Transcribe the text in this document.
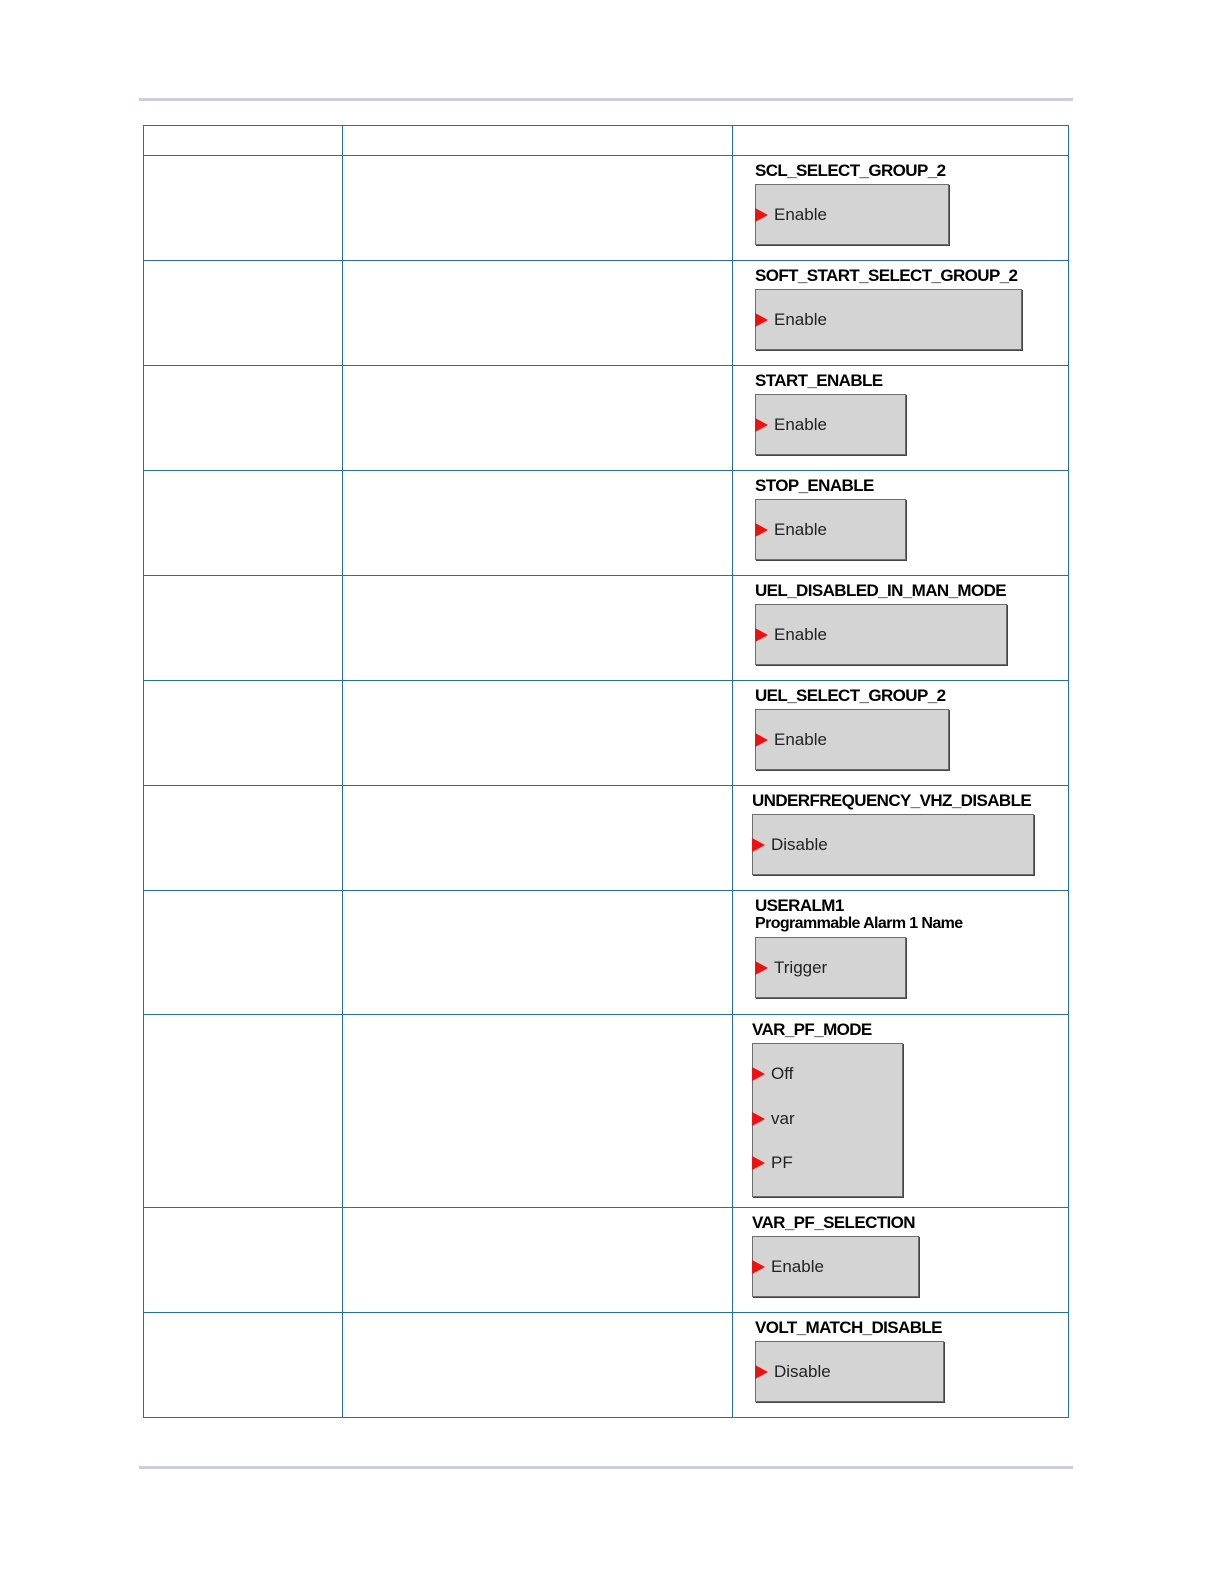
		SCL_SELECT_GROUP_2
Enable

		SOFT_START_SELECT_GROUP_2
Enable

		START_ENABLE
Enable

		STOP_ENABLE
Enable

		UEL_DISABLED_IN_MAN_MODE
Enable

		UEL_SELECT_GROUP_2
Enable

		UNDERFREQUENCY_VHZ_DISABLE
Disable

		USERALM1
Programmable Alarm 1 Name
Trigger

		VAR_PF_MODE
Off
var
PF

		VAR_PF_SELECTION
Enable

		VOLT_MATCH_DISABLE
Disable
